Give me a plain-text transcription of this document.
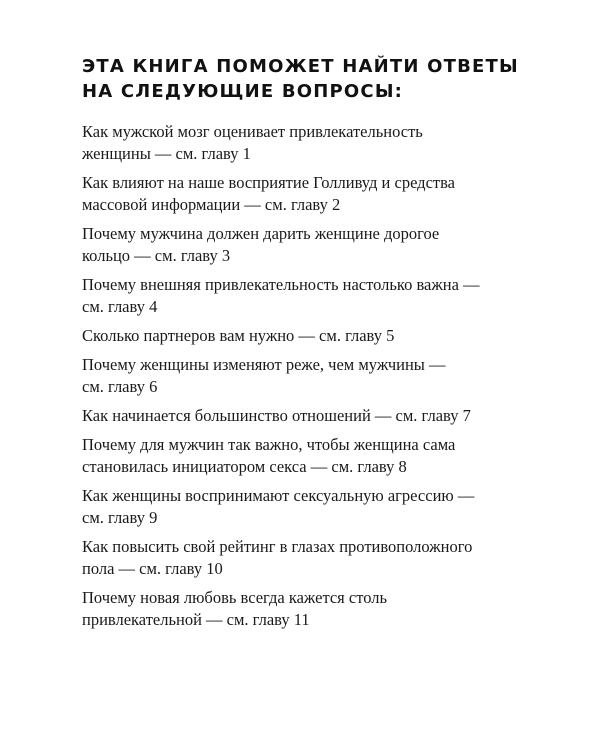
ЭТА КНИГА ПОМОЖЕТ НАЙТИ ОТВЕТЫ
НА СЛЕДУЮЩИЕ ВОПРОСЫ:
Как мужской мозг оценивает привлекательность
женщины — см. главу 1
Как влияют на наше восприятие Голливуд и средства
массовой информации — см. главу 2
Почему мужчина должен дарить женщине дорогое
кольцо — см. главу 3
Почему внешняя привлекательность настолько важна —
см. главу 4
Сколько партнеров вам нужно — см. главу 5
Почему женщины изменяют реже, чем мужчины —
см. главу 6
Как начинается большинство отношений — см. главу 7
Почему для мужчин так важно, чтобы женщина сама
становилась инициатором секса — см. главу 8
Как женщины воспринимают сексуальную агрессию —
см. главу 9
Как повысить свой рейтинг в глазах противоположного
пола — см. главу 10
Почему новая любовь всегда кажется столь
привлекательной — см. главу 11
